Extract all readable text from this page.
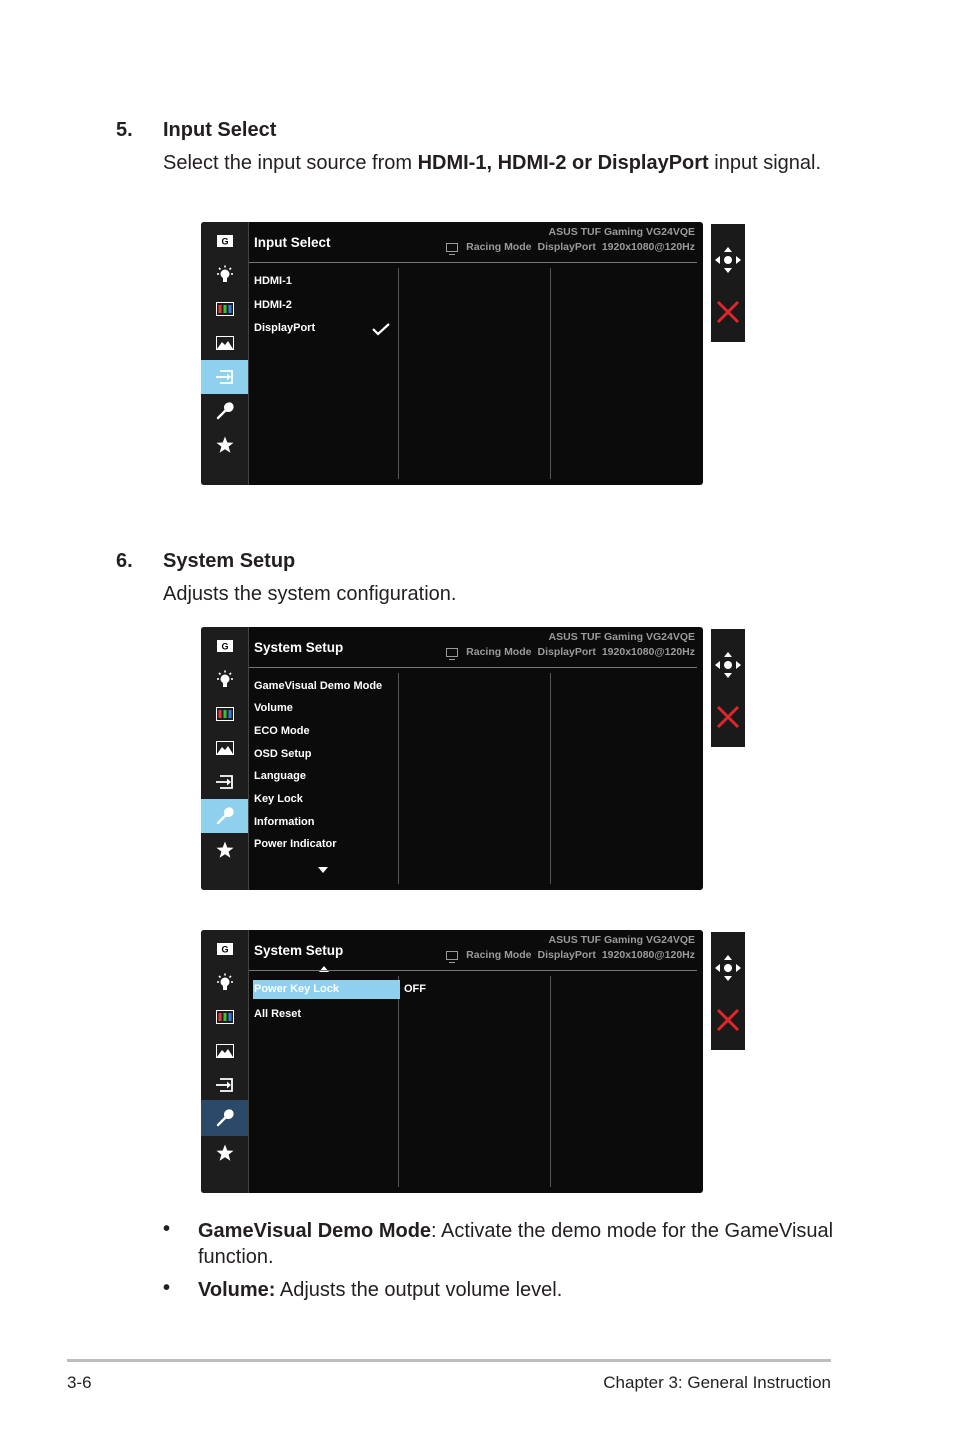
5. Input Select
Select the input source from HDMI-1, HDMI-2 or DisplayPort input signal.
G Input Select
ASUS TUF Gaming VG24VQE
Racing Mode DisplayPort 1920x1080@120Hz
HDMI-1
HDMI-2
DisplayPort
6. System Setup
Adjusts the system configuration.
G System Setup
ASUS TUF Gaming VG24VQE
Racing Mode DisplayPort 1920x1080@120Hz
GameVisual Demo Mode
Volume
ECO Mode
OSD Setup
Language
Key Lock
Information
Power Indicator
G System Setup
ASUS TUF Gaming VG24VQE
Racing Mode DisplayPort 1920x1080@120Hz
Power Key Lock	OFF
All Reset
• GameVisual Demo Mode: Activate the demo mode for the GameVisual function.
• Volume: Adjusts the output volume level.
3-6	Chapter 3: General Instruction
